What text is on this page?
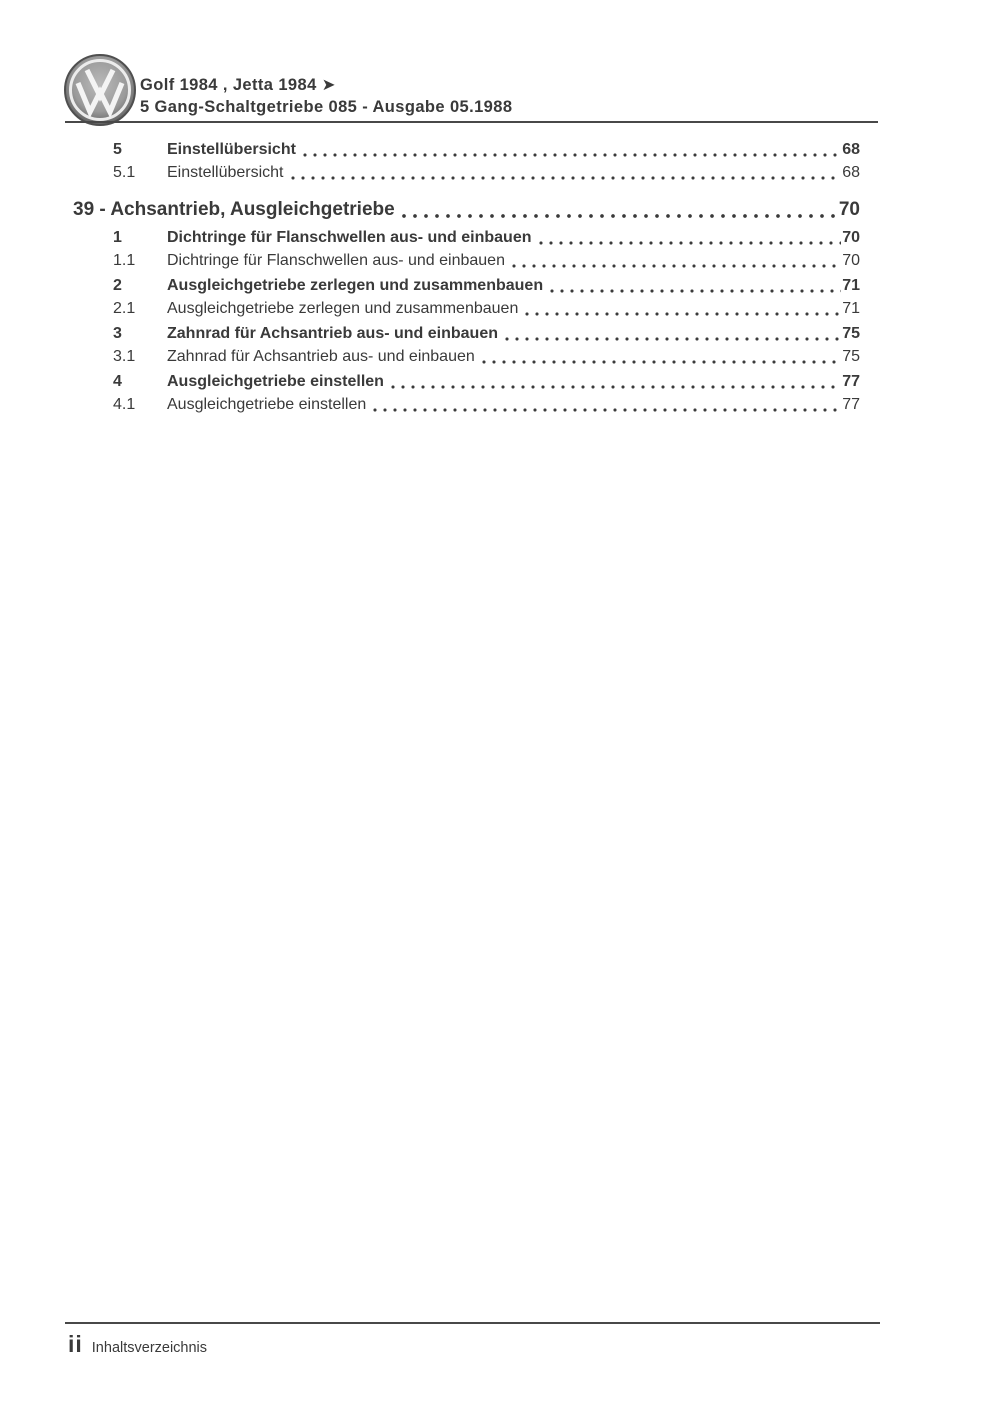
Golf 1984 , Jetta 1984 ➤
5 Gang-Schaltgetriebe 085 - Ausgabe 05.1988
5	Einstellübersicht	68
5.1	Einstellübersicht	68
39 - Achsantrieb, Ausgleichgetriebe	70
1	Dichtringe für Flanschwellen aus- und einbauen	70
1.1	Dichtringe für Flanschwellen aus- und einbauen	70
2	Ausgleichgetriebe zerlegen und zusammenbauen	71
2.1	Ausgleichgetriebe zerlegen und zusammenbauen	71
3	Zahnrad für Achsantrieb aus- und einbauen	75
3.1	Zahnrad für Achsantrieb aus- und einbauen	75
4	Ausgleichgetriebe einstellen	77
4.1	Ausgleichgetriebe einstellen	77
ii Inhaltsverzeichnis
